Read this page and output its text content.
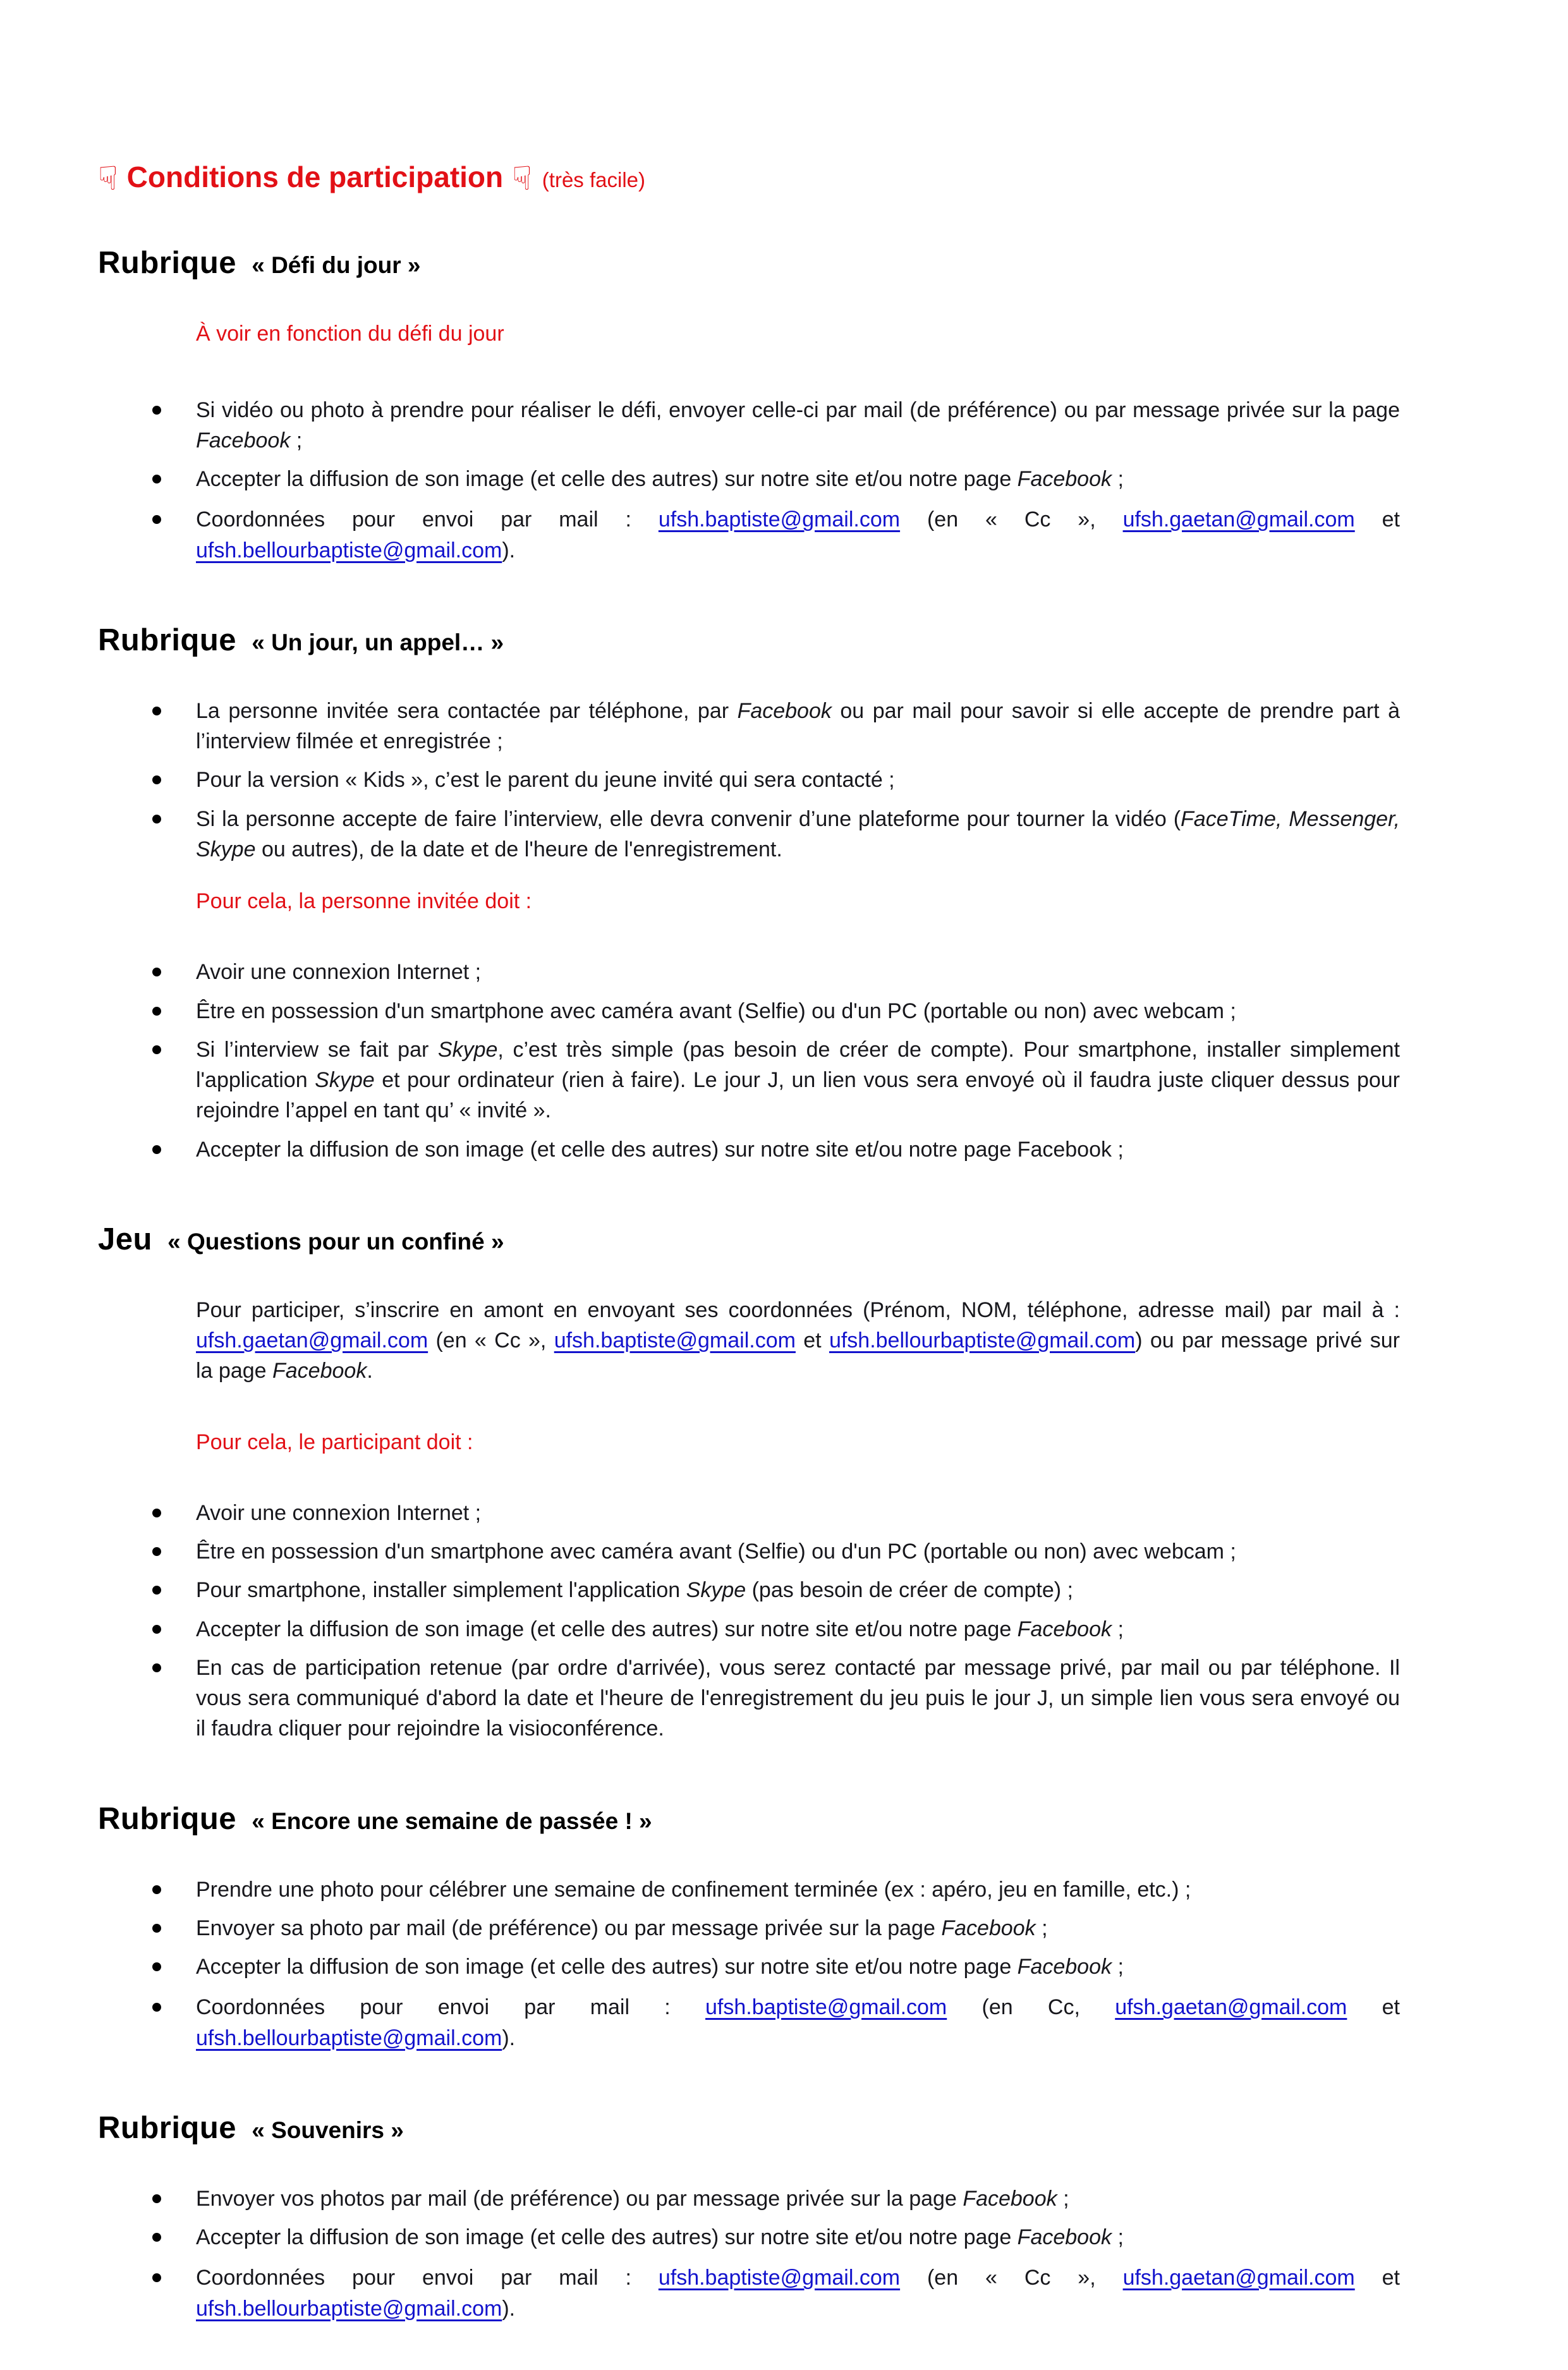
☟ Conditions de participation ☟ (très facile)
Rubrique « Défi du jour »

À voir en fonction du défi du jour

Si vidéo ou photo à prendre pour réaliser le défi, envoyer celle-ci par mail (de préférence) ou par message privée sur la page Facebook ;
Accepter la diffusion de son image (et celle des autres) sur notre site et/ou notre page Facebook ;
Coordonnées pour envoi par mail : ufsh.baptiste@gmail.com (en « Cc », ufsh.gaetan@gmail.com et ufsh.bellourbaptiste@gmail.com).
Rubrique « Un jour, un appel… »
La personne invitée sera contactée par téléphone, par Facebook ou par mail pour savoir si elle accepte de prendre part à l’interview filmée et enregistrée ;
Pour la version « Kids », c’est le parent du jeune invité qui sera contacté ;
Si la personne accepte de faire l’interview, elle devra convenir d’une plateforme pour tourner la vidéo (FaceTime, Messenger, Skype ou autres), de la date et de l'heure de l'enregistrement.

Pour cela, la personne invitée doit :

Avoir une connexion Internet ;
Être en possession d'un smartphone avec caméra avant (Selfie) ou d'un PC (portable ou non) avec webcam ;
Si l’interview se fait par Skype, c’est très simple (pas besoin de créer de compte). Pour smartphone, installer simplement l'application Skype et pour ordinateur (rien à faire). Le jour J, un lien vous sera envoyé où il faudra juste cliquer dessus pour rejoindre l’appel en tant qu’ « invité ».
Accepter la diffusion de son image (et celle des autres) sur notre site et/ou notre page Facebook ;
Jeu « Questions pour un confiné »

Pour participer, s’inscrire en amont en envoyant ses coordonnées (Prénom, NOM, téléphone, adresse mail) par mail à : ufsh.gaetan@gmail.com (en « Cc », ufsh.baptiste@gmail.com et ufsh.bellourbaptiste@gmail.com) ou par message privé sur la page Facebook.

Pour cela, le participant doit :

Avoir une connexion Internet ;
Être en possession d'un smartphone avec caméra avant (Selfie) ou d'un PC (portable ou non) avec webcam ;
Pour smartphone, installer simplement l'application Skype (pas besoin de créer de compte) ;
Accepter la diffusion de son image (et celle des autres) sur notre site et/ou notre page Facebook ;
En cas de participation retenue (par ordre d'arrivée), vous serez contacté par message privé, par mail ou par téléphone. Il vous sera communiqué d'abord la date et l'heure de l'enregistrement du jeu puis le jour J, un simple lien vous sera envoyé ou il faudra cliquer pour rejoindre la visioconférence.
Rubrique « Encore une semaine de passée ! »
Prendre une photo pour célébrer une semaine de confinement terminée (ex : apéro, jeu en famille, etc.) ;
Envoyer sa photo par mail (de préférence) ou par message privée sur la page Facebook ;
Accepter la diffusion de son image (et celle des autres) sur notre site et/ou notre page Facebook ;
Coordonnées pour envoi par mail : ufsh.baptiste@gmail.com (en Cc, ufsh.gaetan@gmail.com et ufsh.bellourbaptiste@gmail.com).
Rubrique « Souvenirs »
Envoyer vos photos par mail (de préférence) ou par message privée sur la page Facebook ;
Accepter la diffusion de son image (et celle des autres) sur notre site et/ou notre page Facebook ;
Coordonnées pour envoi par mail : ufsh.baptiste@gmail.com (en « Cc », ufsh.gaetan@gmail.com et ufsh.bellourbaptiste@gmail.com).
